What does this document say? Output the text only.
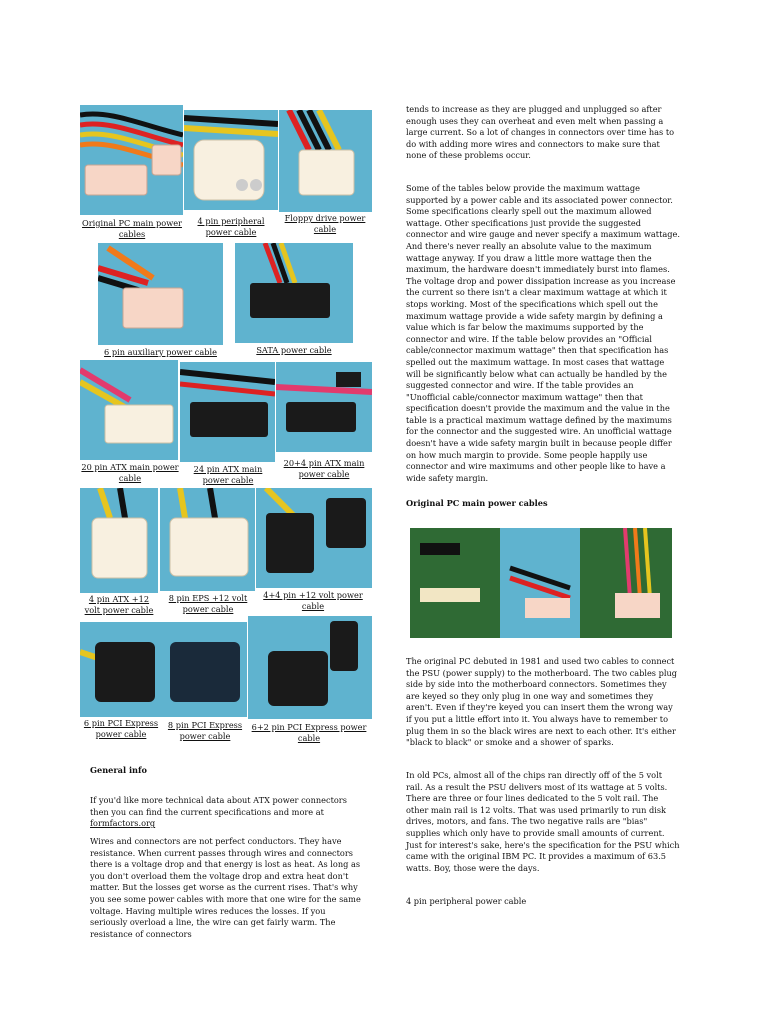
Original PC main power cables
4 pin peripheral power cable
Floppy drive power cable
6 pin auxiliary power cable	SATA power cable
20 pin ATX main power cable
24 pin ATX main power cable
20+4 pin ATX main power cable
4 pin ATX +12 volt power cable
8 pin EPS +12 volt power cable
4+4 pin +12 volt power cable
6 pin PCI Express power cable
8 pin PCI Express power cable
6+2 pin PCI Express power cable
General info
If you'd like more technical data about ATX power connectors then you can find the current specifications and more at formfactors.org
Wires and connectors are not perfect conductors. They have resistance. When current passes through wires and connectors there is a voltage drop and that energy is lost as heat. As long as you don't overload them the voltage drop and extra heat don't matter. But the losses get worse as the current rises. That's why you see some power cables with more that one wire for the same voltage. Having multiple wires reduces the losses. If you seriously overload a line, the wire can get fairly warm. The resistance of connectors
tends to increase as they are plugged and unplugged so after enough uses they can overheat and even melt when passing a large current. So a lot of changes in connectors over time has to do with adding more wires and connectors to make sure that none of these problems occur.
Some of the tables below provide the maximum wattage supported by a power cable and its associated power connector. Some specifications clearly spell out the maximum allowed wattage. Other specifications just provide the suggested connector and wire gauge and never specify a maximum wattage. And there's never really an absolute value to the maximum wattage anyway. If you draw a little more wattage then the maximum, the hardware doesn't immediately burst into flames. The voltage drop and power dissipation increase as you increase the current so there isn't a clear maximum wattage at which it stops working. Most of the specifications which spell out the maximum wattage provide a wide safety margin by defining a value which is far below the maximums supported by the connector and wire. If the table below provides an "Official cable/connector maximum wattage" then that specification has spelled out the maximum wattage. In most cases that wattage will be significantly below what can actually be handled by the suggested connector and wire. If the table provides an "Unofficial cable/connector maximum wattage" then that specification doesn't provide the maximum and the value in the table is a practical maximum wattage defined by the maximums for the connector and the suggested wire. An unofficial wattage doesn't have a wide safety margin built in because people differ on how much margin to provide. Some people happily use connector and wire maximums and other people like to have a wide safety margin.
Original PC main power cables
The original PC debuted in 1981 and used two cables to connect the PSU (power supply) to the motherboard. The two cables plug side by side into the motherboard connectors. Sometimes they are keyed so they only plug in one way and sometimes they aren't. Even if they're keyed you can insert them the wrong way if you put a little effort into it. You always have to remember to plug them in so the black wires are next to each other. It's either "black to black" or smoke and a shower of sparks.
In old PCs, almost all of the chips ran directly off of the 5 volt rail. As a result the PSU delivers most of its wattage at 5 volts. There are three or four lines dedicated to the 5 volt rail. The other main rail is 12 volts. That was used primarily to run disk drives, motors, and fans. The two negative rails are "bias" supplies which only have to provide small amounts of current. Just for interest's sake, here's the specification for the PSU which came with the original IBM PC. It provides a maximum of 63.5 watts. Boy, those were the days.
4 pin peripheral power cable
